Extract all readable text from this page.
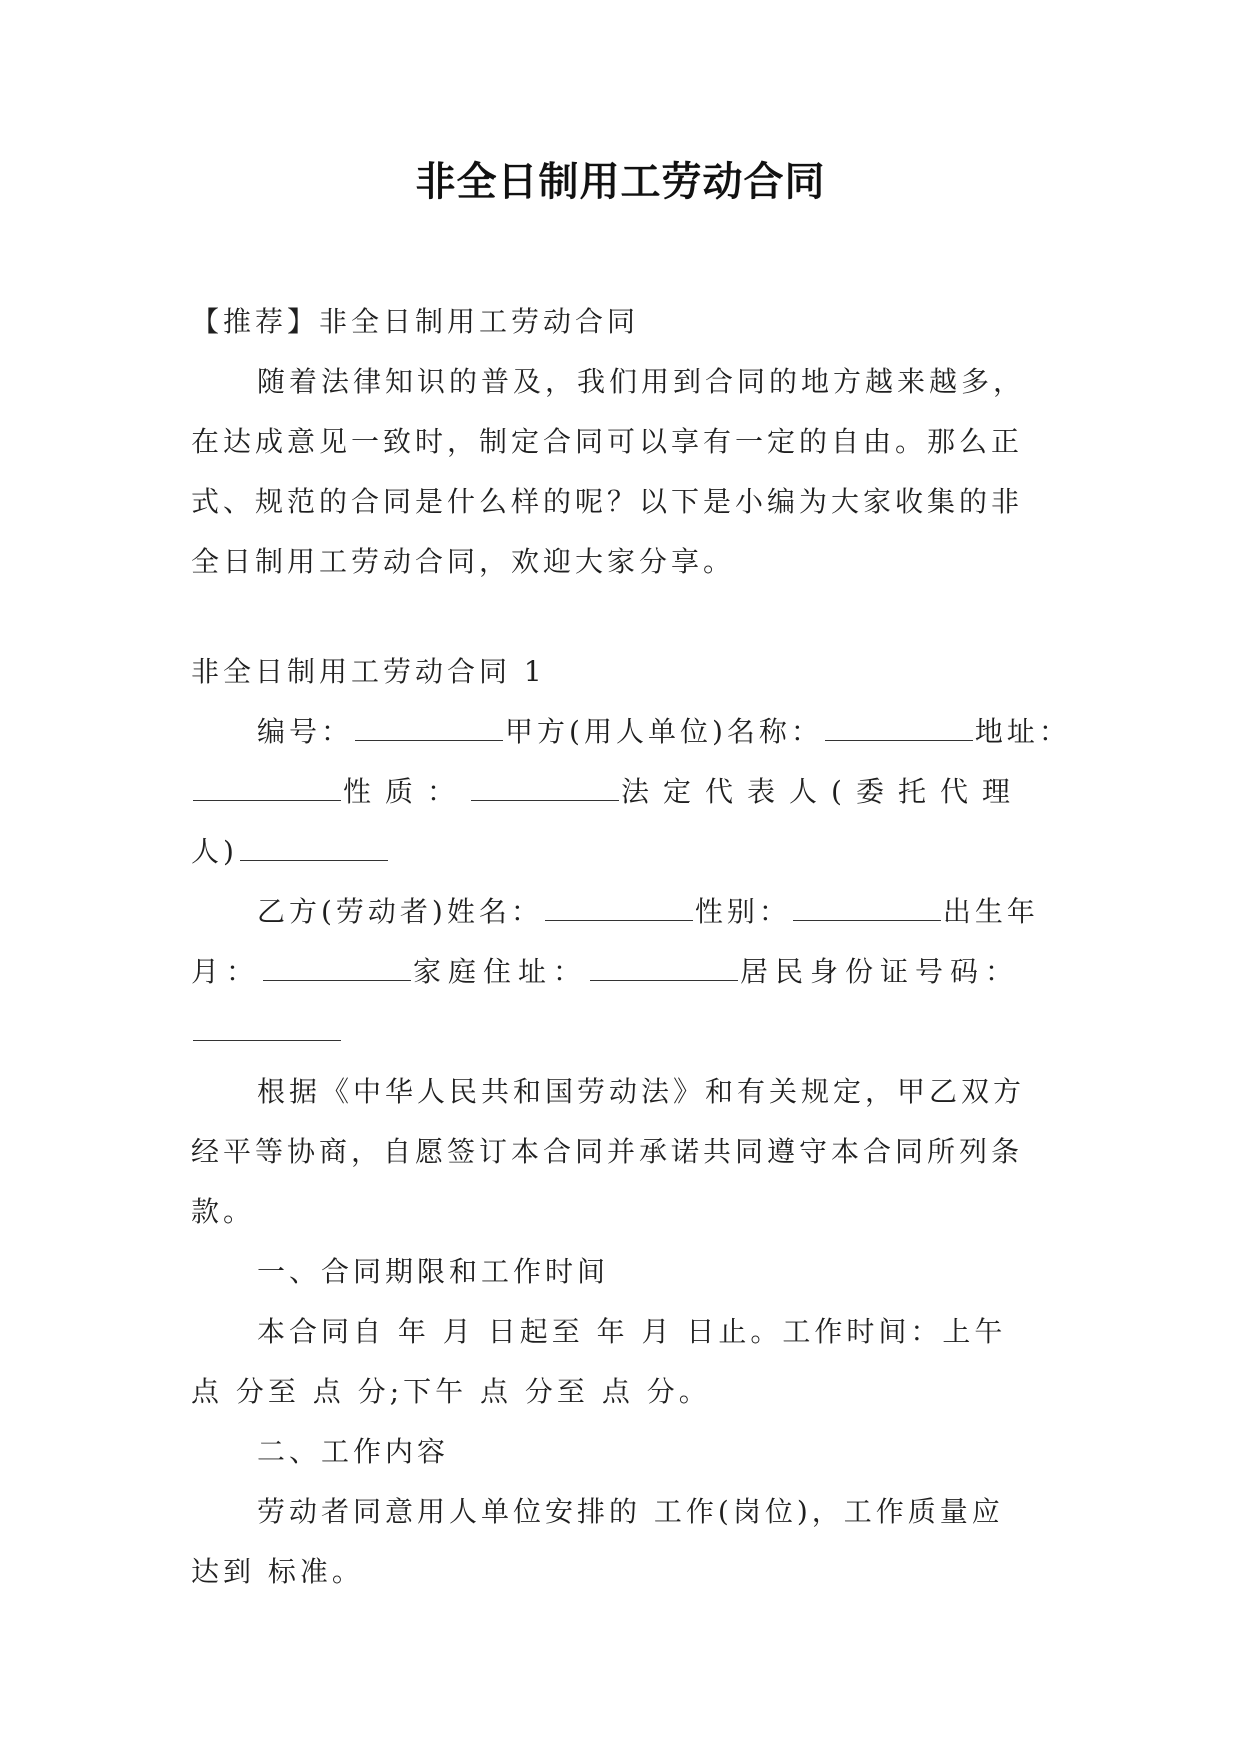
非全日制用工劳动合同
【推荐】非全日制用工劳动合同
随着法律知识的普及，我们用到合同的地方越来越多，
在达成意见一致时，制定合同可以享有一定的自由。那么正
式、规范的合同是什么样的呢？以下是小编为大家收集的非
全日制用工劳动合同，欢迎大家分享。
非全日制用工劳动合同 1
编号：	甲方(用人单位)名称：	地址：
性质：	法定代表人(委托代理
人)
乙方(劳动者)姓名：	性别：	出生年
月：	家庭住址：	居民身份证号码：
根据《中华人民共和国劳动法》和有关规定，甲乙双方
经平等协商，自愿签订本合同并承诺共同遵守本合同所列条
款。
一、合同期限和工作时间
本合同自 年 月 日起至 年 月 日止。工作时间：上午
点 分至 点 分;下午 点 分至 点 分。
二、工作内容
劳动者同意用人单位安排的 工作(岗位)，工作质量应
达到 标准。
